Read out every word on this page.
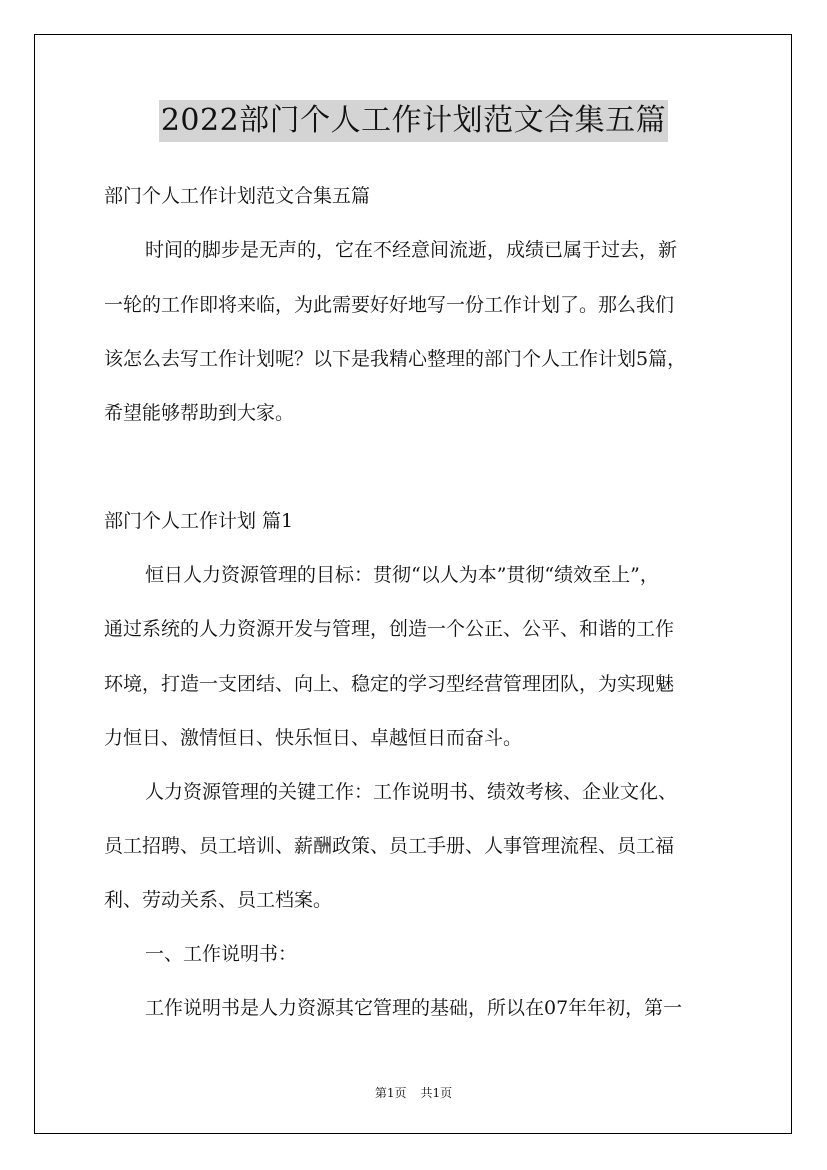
2022部门个人工作计划范文合集五篇
部门个人工作计划范文合集五篇
时间的脚步是无声的，它在不经意间流逝，成绩已属于过去，新
一轮的工作即将来临，为此需要好好地写一份工作计划了。那么我们
该怎么去写工作计划呢？以下是我精心整理的部门个人工作计划5篇，
希望能够帮助到大家。
部门个人工作计划 篇1
恒日人力资源管理的目标：贯彻“以人为本”贯彻“绩效至上”，
通过系统的人力资源开发与管理，创造一个公正、公平、和谐的工作
环境，打造一支团结、向上、稳定的学习型经营管理团队，为实现魅
力恒日、激情恒日、快乐恒日、卓越恒日而奋斗。
人力资源管理的关键工作：工作说明书、绩效考核、企业文化、
员工招聘、员工培训、薪酬政策、员工手册、人事管理流程、员工福
利、劳动关系、员工档案。
一、工作说明书：
工作说明书是人力资源其它管理的基础，所以在07年年初，第一
第1页 共1页
